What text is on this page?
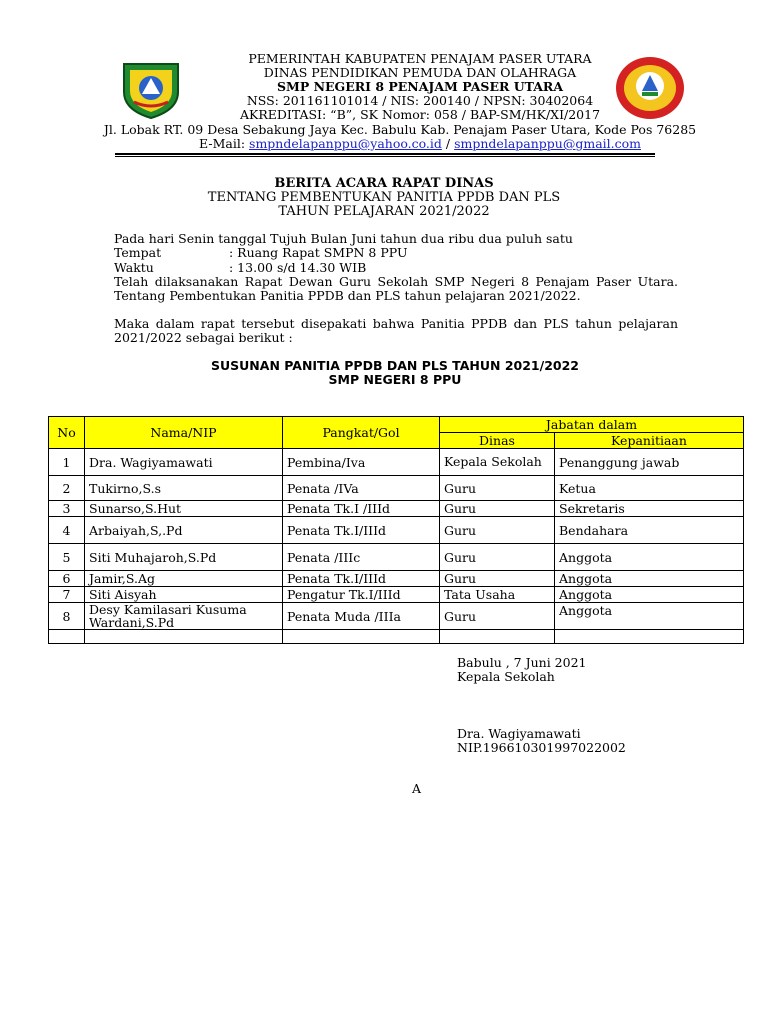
PEMERINTAH KABUPATEN PENAJAM PASER UTARA
DINAS PENDIDIKAN PEMUDA DAN OLAHRAGA
SMP NEGERI 8 PENAJAM PASER UTARA
NSS: 201161101014 / NIS: 200140 / NPSN: 30402064
AKREDITASI: “B”, SK Nomor: 058 / BAP-SM/HK/XI/2017
Jl. Lobak RT. 09 Desa Sebakung Jaya Kec. Babulu Kab. Penajam Paser Utara, Kode Pos 76285
E-Mail: smpndelapanppu@yahoo.co.id / smpndelapanppu@gmail.com
BERITA ACARA RAPAT DINAS
TENTANG PEMBENTUKAN PANITIA PPDB DAN PLS
TAHUN PELAJARAN 2021/2022
Pada hari Senin tanggal Tujuh Bulan Juni tahun dua ribu dua puluh satu
Tempat	: Ruang Rapat SMPN 8 PPU
Waktu	: 13.00 s/d 14.30 WIB
Telah dilaksanakan Rapat Dewan Guru Sekolah SMP Negeri 8 Penajam Paser Utara.
Tentang Pembentukan Panitia PPDB dan PLS tahun pelajaran 2021/2022.
Maka dalam rapat tersebut disepakati bahwa Panitia PPDB dan PLS tahun pelajaran
2021/2022 sebagai berikut :
SUSUNAN PANITIA PPDB DAN PLS TAHUN 2021/2022
SMP NEGERI 8 PPU
No	Nama/NIP	Pangkat/Gol	Jabatan dalam	
			Dinas	Kepanitiaan
1	Dra. Wagiyamawati	Pembina/Iva	Kepala Sekolah	Penanggung jawab
2	Tukirno,S.s	Penata /IVa	Guru	Ketua
3	Sunarso,S.Hut	Penata Tk.I /IIId	Guru	Sekretaris
4	Arbaiyah,S,.Pd	Penata Tk.I/IIId	Guru	Bendahara
5	Siti Muhajaroh,S.Pd	Penata /IIIc	Guru	Anggota
6	Jamir,S.Ag	Penata Tk.I/IIId	Guru	Anggota
7	Siti Aisyah	Pengatur Tk.I/IIId	Tata Usaha	Anggota
8	Desy Kamilasari Kusuma Wardani,S.Pd	Penata Muda /IIIa	Guru	Anggota

Babulu , 7 Juni 2021
Kepala Sekolah
Dra. Wagiyamawati
NIP.196610301997022002
A
